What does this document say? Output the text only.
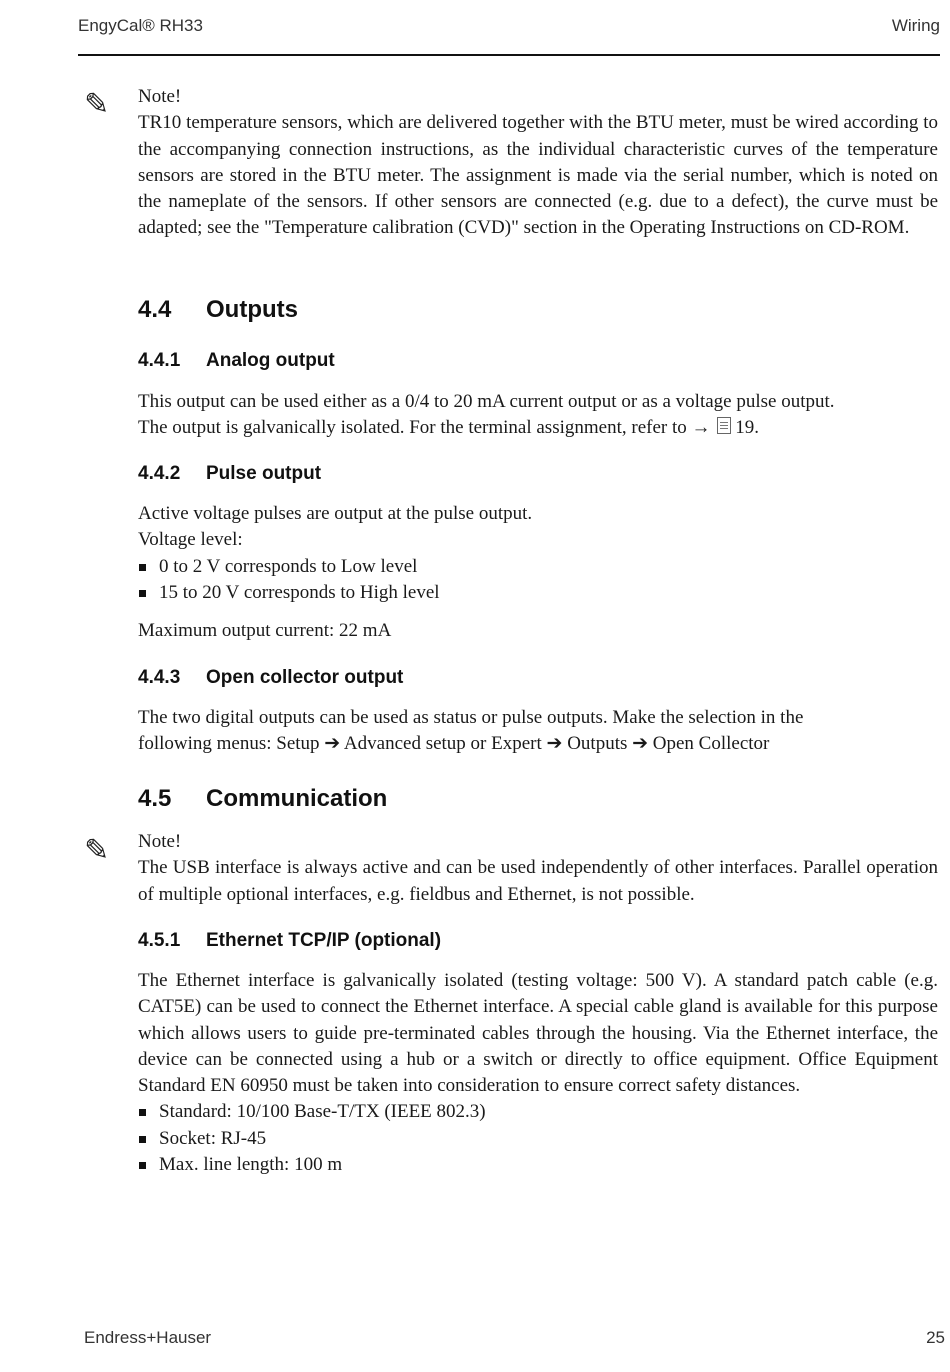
EngyCal® RH33	Wiring
✎ Note!

TR10 temperature sensors, which are delivered together with the BTU meter, must be wired according to the accompanying connection instructions, as the individual characteristic curves of the temperature sensors are stored in the BTU meter. The assignment is made via the serial number, which is noted on the nameplate of the sensors. If other sensors are connected (e.g. due to a defect), the curve must be adapted; see the "Temperature calibration (CVD)" section in the Operating Instructions on CD-ROM.

4.4 Outputs
4.4.1 Analog output
This output can be used either as a 0/4 to 20 mA current output or as a voltage pulse output.
The output is galvanically isolated. For the terminal assignment, refer to → 19.
4.4.2 Pulse output
Active voltage pulses are output at the pulse output.
Voltage level:
0 to 2 V corresponds to Low level
15 to 20 V corresponds to High level
Maximum output current: 22 mA
4.4.3 Open collector output
The two digital outputs can be used as status or pulse outputs. Make the selection in the
following menus: Setup ➔ Advanced setup or Expert ➔ Outputs ➔ Open Collector
4.5 Communication
✎ Note!

The USB interface is always active and can be used independently of other interfaces. Parallel operation of multiple optional interfaces, e.g. fieldbus and Ethernet, is not possible.

4.5.1 Ethernet TCP/IP (optional)

The Ethernet interface is galvanically isolated (testing voltage: 500 V). A standard patch cable (e.g. CAT5E) can be used to connect the Ethernet interface. A special cable gland is available for this purpose which allows users to guide pre-terminated cables through the housing. Via the Ethernet interface, the device can be connected using a hub or a switch or directly to office equipment. Office Equipment Standard EN 60950 must be taken into consideration to ensure correct safety distances.

Standard: 10/100 Base-T/TX (IEEE 802.3)
Socket: RJ-45
Max. line length: 100 m
Endress+Hauser	25
